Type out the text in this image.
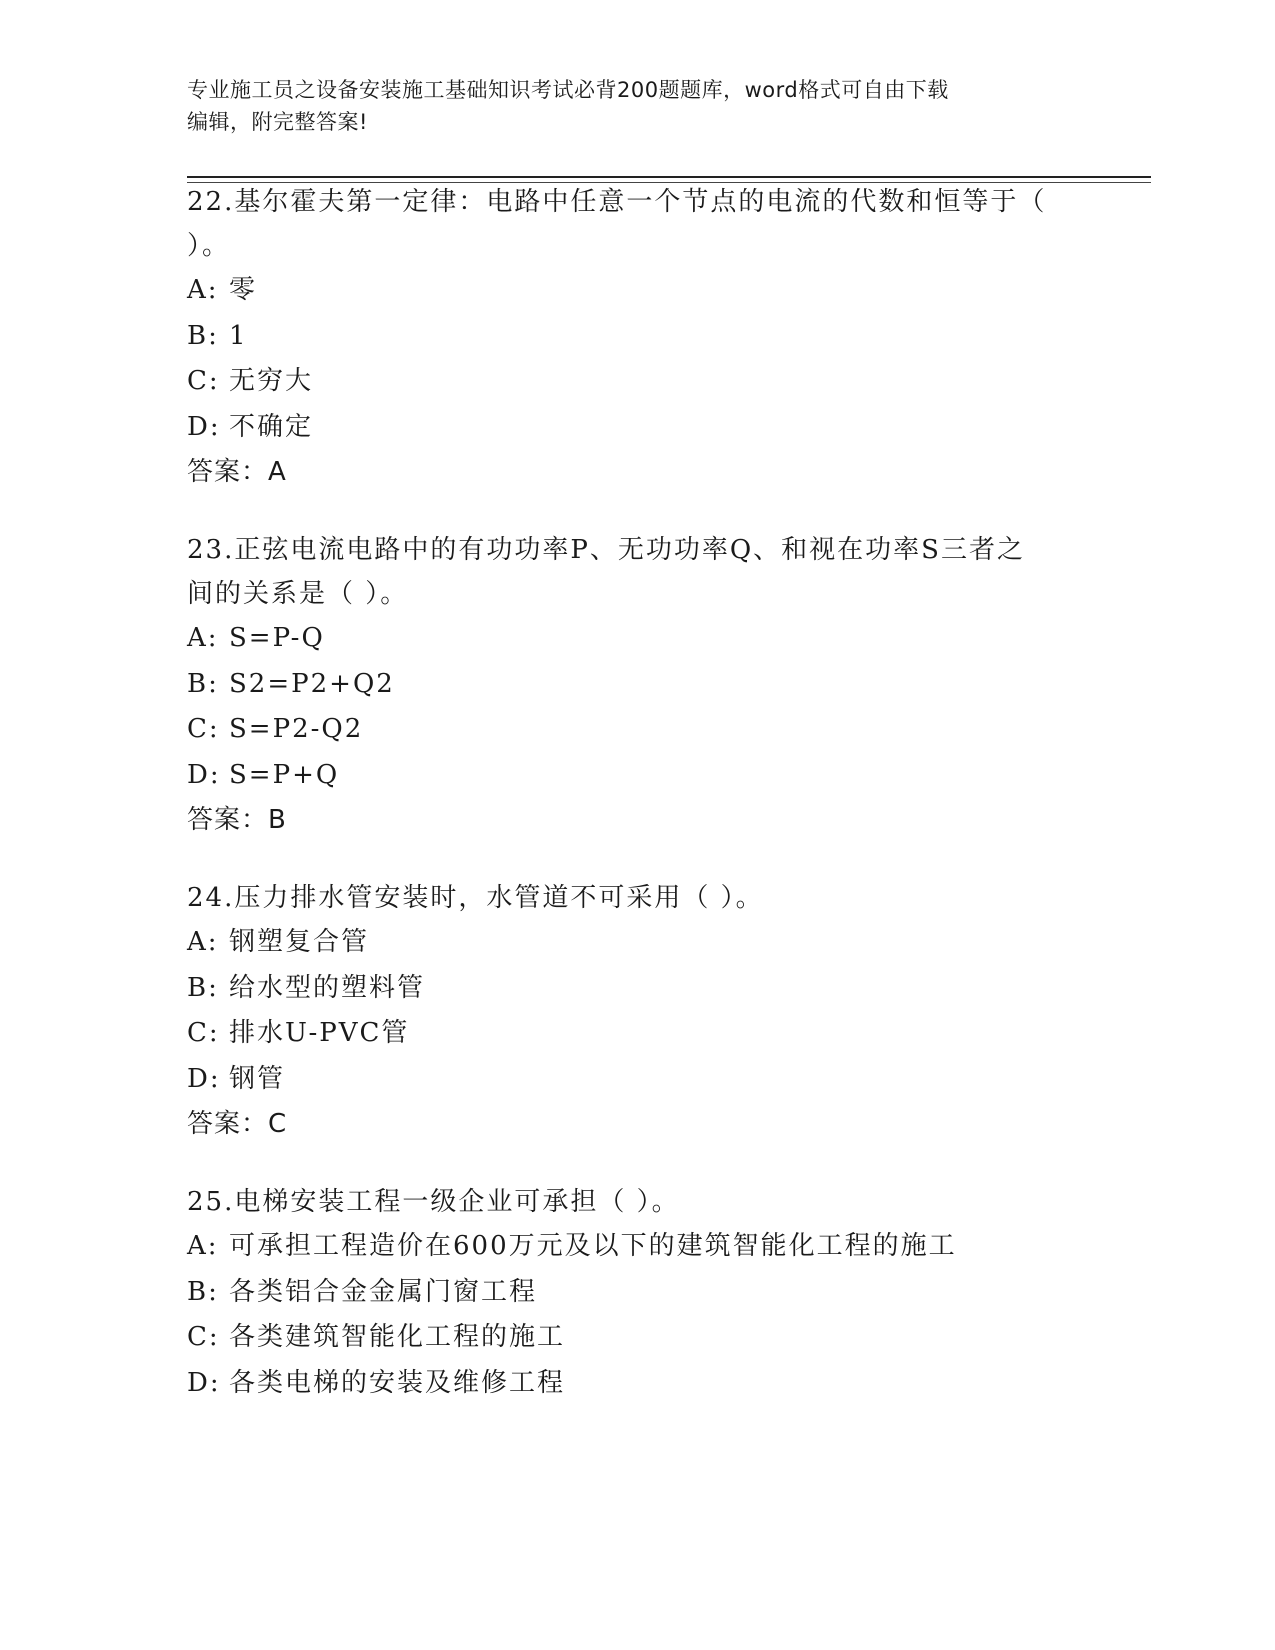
专业施工员之设备安装施工基础知识考试必背200题题库，word格式可自由下载
编辑，附完整答案!

22.基尔霍夫第一定律：电路中任意一个节点的电流的代数和恒等于（

）。

A: 零

B: 1

C: 无穷大

D: 不确定

答案：A

23.正弦电流电路中的有功功率P、无功功率Q、和视在功率S三者之

间的关系是（ ）。

A: S=P-Q

B: S2=P2+Q2

C: S=P2-Q2

D: S=P+Q

答案：B

24.压力排水管安装时，水管道不可采用（ ）。

A: 钢塑复合管

B: 给水型的塑料管

C: 排水U-PVC管

D: 钢管

答案：C

25.电梯安装工程一级企业可承担（ ）。

A: 可承担工程造价在600万元及以下的建筑智能化工程的施工

B: 各类铝合金金属门窗工程

C: 各类建筑智能化工程的施工

D: 各类电梯的安装及维修工程
